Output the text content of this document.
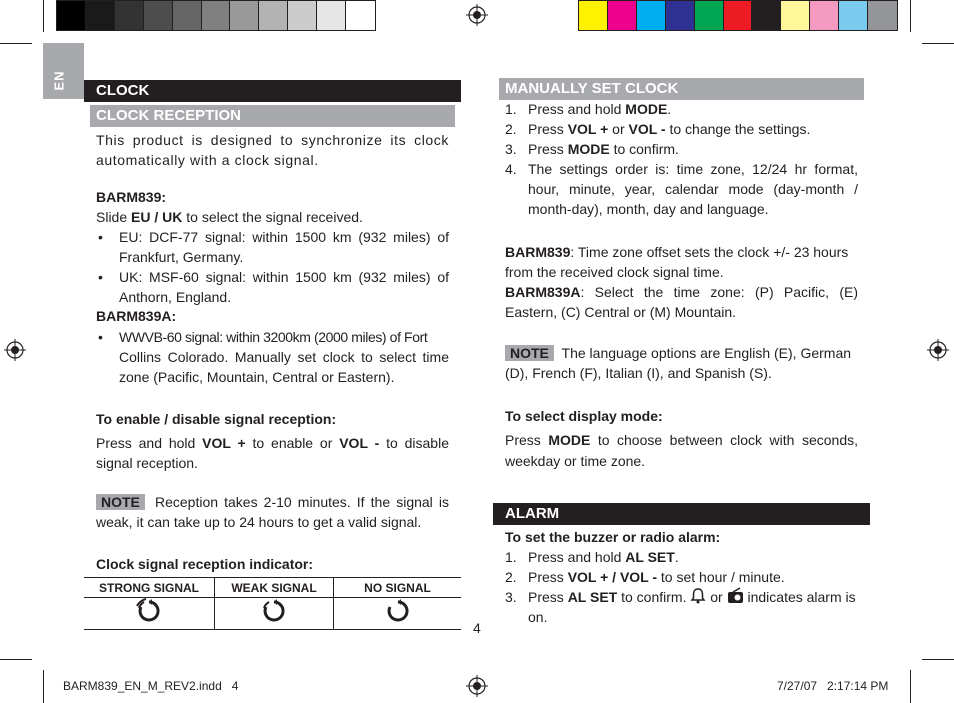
EN	CLOCK
CLOCK RECEPTION
This product is designed to synchronize its clock automatically with a clock signal.
BARM839:
Slide EU / UK to select the signal received.
• EU: DCF-77 signal: within 1500 km (932 miles) of Frankfurt, Germany.
• UK: MSF-60 signal: within 1500 km (932 miles) of Anthorn, England.
BARM839A:
• WWVB-60 signal: within 3200km (2000 miles) of Fort
Collins Colorado. Manually set clock to select time zone (Pacific, Mountain, Central or Eastern).
To enable / disable signal reception:
Press and hold VOL + to enable or VOL - to disable signal reception.
NOTE Reception takes 2-10 minutes. If the signal is weak, it can take up to 24 hours to get a valid signal.
Clock signal reception indicator:
STRONG SIGNAL	WEAK SIGNAL	NO SIGNAL

4
MANUALLY SET CLOCK
1. Press and hold MODE.
2. Press VOL + or VOL - to change the settings.
3. Press MODE to confirm.
4. The settings order is: time zone, 12/24 hr format, hour, minute, year, calendar mode (day-month / month-day), month, day and language.
BARM839: Time zone offset sets the clock +/- 23 hours from the received clock signal time.
BARM839A: Select the time zone: (P) Pacific, (E) Eastern, (C) Central or (M) Mountain.
NOTE The language options are English (E), German (D), French (F), Italian (I), and Spanish (S).
To select display mode:
Press MODE to choose between clock with seconds, weekday or time zone.
ALARM
To set the buzzer or radio alarm:
1. Press and hold AL SET.
2. Press VOL + / VOL - to set hour / minute.
3. Press AL SET to confirm.  or  indicates alarm is on.
BARM839_EN_M_REV2.indd   4	7/27/07   2:17:14 PM
